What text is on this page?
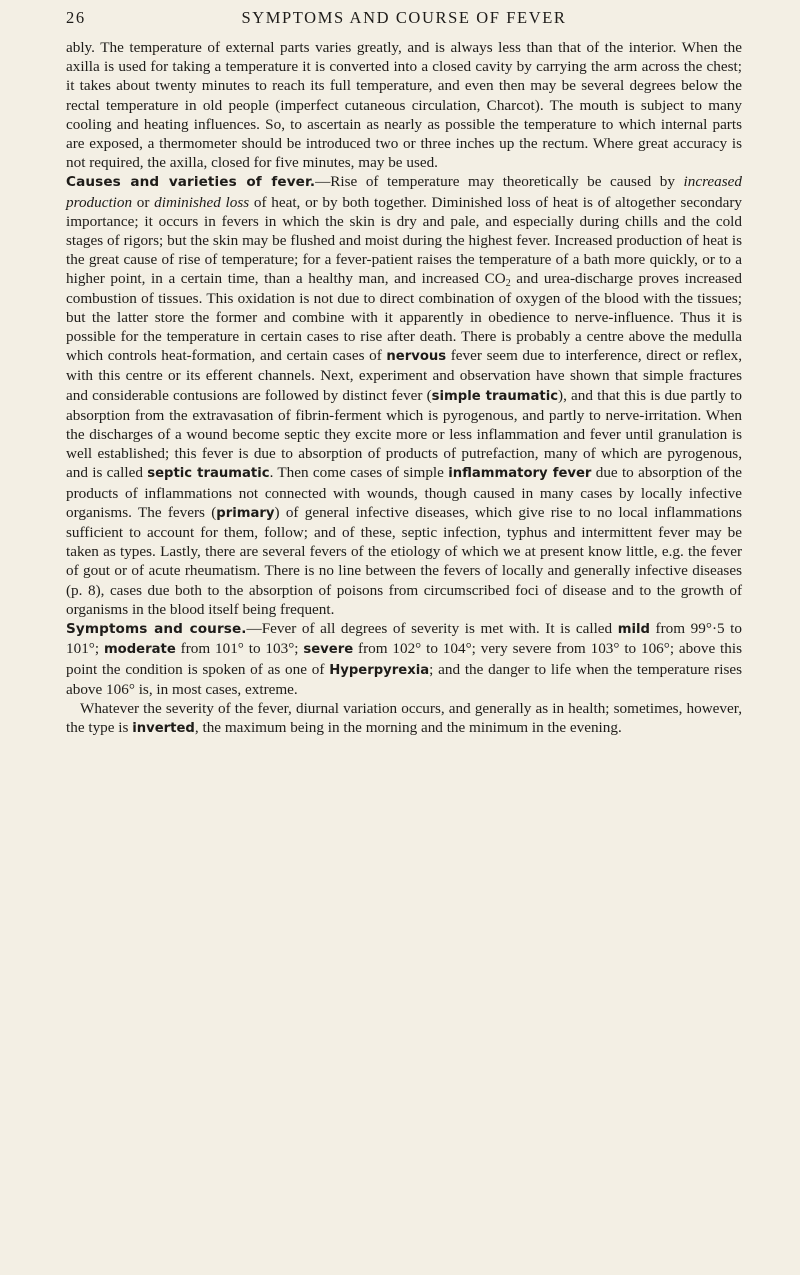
26	SYMPTOMS AND COURSE OF FEVER

ably. The temperature of external parts varies greatly, and is always less than that of the interior. When the axilla is used for taking a temperature it is converted into a closed cavity by carrying the arm across the chest; it takes about twenty minutes to reach its full temperature, and even then may be several degrees below the rectal temperature in old people (imperfect cutaneous circulation, Charcot). The mouth is subject to many cooling and heating influences. So, to ascertain as nearly as possible the temperature to which internal parts are exposed, a thermometer should be introduced two or three inches up the rectum. Where great accuracy is not required, the axilla, closed for five minutes, may be used.

Causes and varieties of fever.—Rise of temperature may theoretically be caused by increased production or diminished loss of heat, or by both together. Diminished loss of heat is of altogether secondary importance; it occurs in fevers in which the skin is dry and pale, and especially during chills and the cold stages of rigors; but the skin may be flushed and moist during the highest fever. Increased production of heat is the great cause of rise of temperature; for a fever-patient raises the temperature of a bath more quickly, or to a higher point, in a certain time, than a healthy man, and increased $CO_2$ and urea-discharge proves increased combustion of tissues. This oxidation is not due to direct combination of oxygen of the blood with the tissues; but the latter store the former and combine with it apparently in obedience to nerve-influence. Thus it is possible for the temperature in certain cases to rise after death. There is probably a centre above the medulla which controls heat-formation, and certain cases of nervous fever seem due to interference, direct or reflex, with this centre or its efferent channels. Next, experiment and observation have shown that simple fractures and considerable contusions are followed by distinct fever (simple traumatic), and that this is due partly to absorption from the extravasation of fibrin-ferment which is pyrogenous, and partly to nerve-irritation. When the discharges of a wound become septic they excite more or less inflammation and fever until granulation is well established; this fever is due to absorption of products of putrefaction, many of which are pyrogenous, and is called septic traumatic. Then come cases of simple inflammatory fever due to absorption of the products of inflammations not connected with wounds, though caused in many cases by locally infective organisms. The fevers (primary) of general infective diseases, which give rise to no local inflammations sufficient to account for them, follow; and of these, septic infection, typhus and intermittent fever may be taken as types. Lastly, there are several fevers of the etiology of which we at present know little, e.g. the fever of gout or of acute rheumatism. There is no line between the fevers of locally and generally infective diseases (p. 8), cases due both to the absorption of poisons from circumscribed foci of disease and to the growth of organisms in the blood itself being frequent.

Symptoms and course.—Fever of all degrees of severity is met with. It is called mild from 99°·5 to 101°; moderate from 101° to 103°; severe from 102° to 104°; very severe from 103° to 106°; above this point the condition is spoken of as one of Hyperpyrexia; and the danger to life when the temperature rises above 106° is, in most cases, extreme.

Whatever the severity of the fever, diurnal variation occurs, and generally as in health; sometimes, however, the type is inverted, the maximum being in the morning and the minimum in the evening.
